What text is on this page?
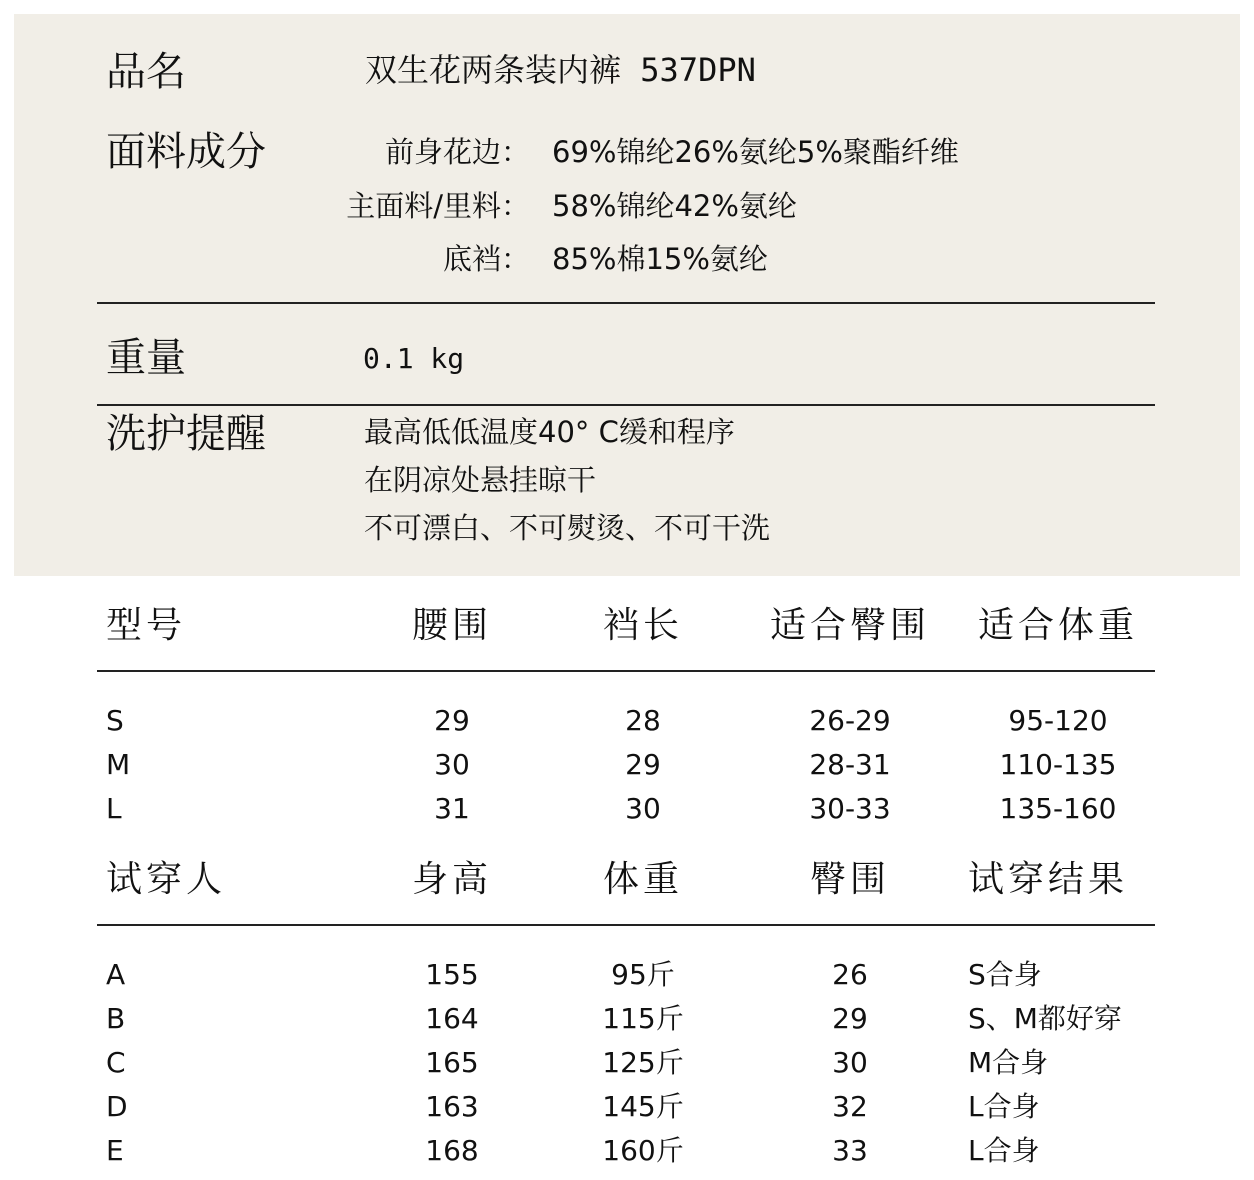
品名	双生花两条装内裤 537DPN
面料成分	前身花边： 69%锦纶26%氨纶5%聚酯纤维
主面料/里料： 58%锦纶42%氨纶
底裆： 85%棉15%氨纶
重量	0.1 kg
洗护提醒	最高低低温度40° C缓和程序
在阴凉处悬挂晾干
不可漂白、不可熨烫、不可干洗
型号	腰围	裆长 适合臀围 适合体重
S	29	28	26-29	95-120
M	30	29	28-31	110-135
L	31	30	30-33	135-160
试穿人	身高	体重	臀围 试穿结果
A	155	95斤	26	S合身
B	164	115斤	29	S、M都好穿
C	165	125斤	30	M合身
D	163	145斤	32	L合身
E	168	160斤	33	L合身
